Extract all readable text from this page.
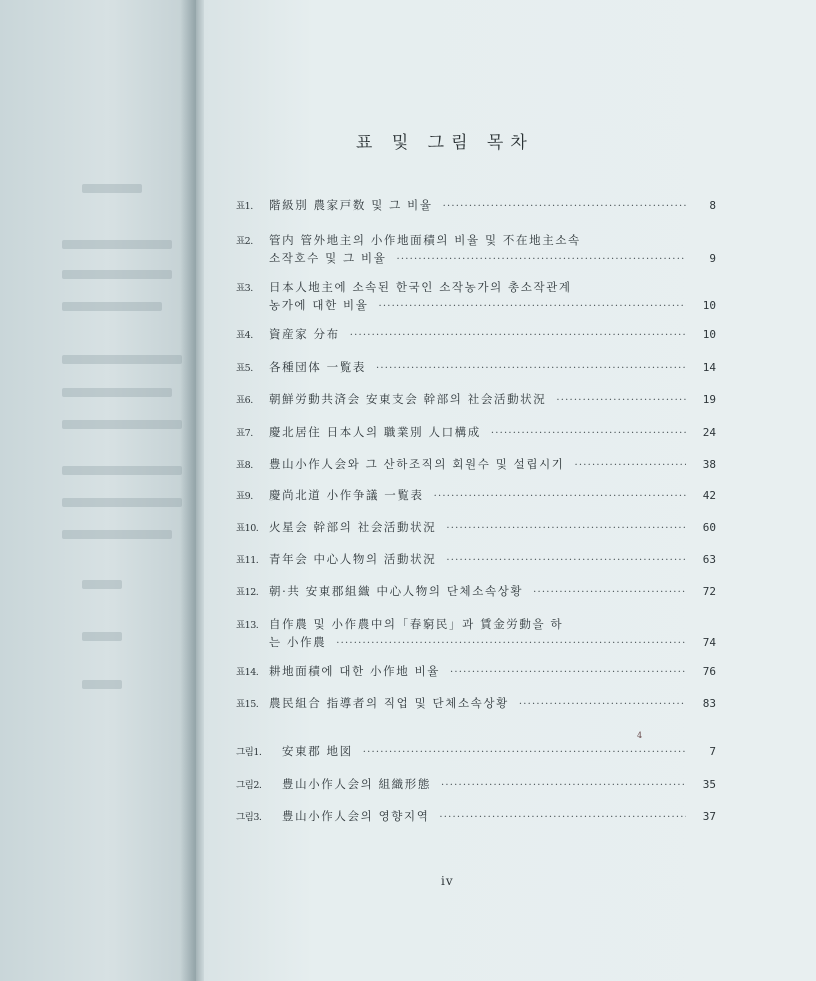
표 및 그림 목차
표1.	階級別 農家戸数 및 그 비율 ·····	8
표2.	管内 管外地主의 小作地面積의 비율 및 不在地主소속
소작호수 및 그 비율 ·····	9
표3.	日本人地主에 소속된 한국인 소작농가의 총소작관계
농가에 대한 비율 ·····	10
표4.	資産家 分布 ·····	10
표5.	各種団体 一覧表 ·····	14
표6.	朝鮮労動共済会 安東支会 幹部의 社会活動状況 ·····	19
표7.	慶北居住 日本人의 職業別 人口構成 ·····	24
표8.	豊山小作人会와 그 산하조직의 회원수 및 설립시기 ·····	38
표9.	慶尚北道 小作争議 一覧表 ·····	42
표10. 火星会 幹部의 社会活動状況 ·····	60
표11. 青年会 中心人物의 活動状況 ·····	63
표12. 朝·共 安東郡組織 中心人物의 단체소속상황 ·····	72
표13. 自作農 및 小作農中의「春窮民」과 賃金労動을 하
는 小作農 ·····	74
표14. 耕地面積에 대한 小作地 비율 ·····	76
표15. 農民組合 指導者의 직업 및 단체소속상황 ·····	83
4
그림1.	安東郡 地図 ·····	7
그림2.	豊山小作人会의 組織形態 ·····	35
그림3.	豊山小作人会의 영향지역 ·····	37
iv
